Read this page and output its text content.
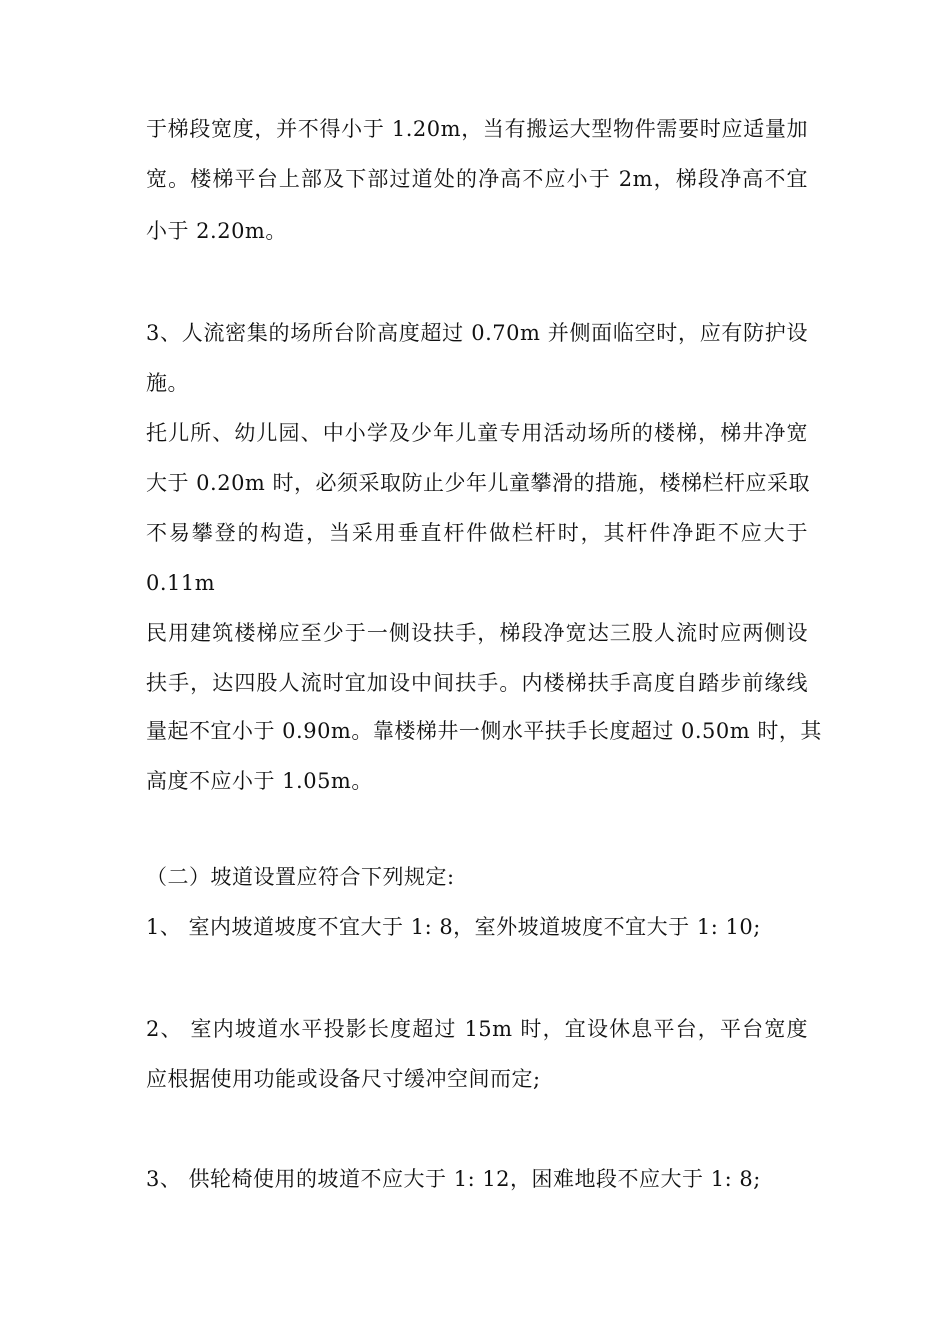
于梯段宽度，并不得小于 1.20m，当有搬运大型物件需要时应适量加
宽。楼梯平台上部及下部过道处的净高不应小于 2m，梯段净高不宜
小于 2.20m。
3、人流密集的场所台阶高度超过 0.70m 并侧面临空时，应有防护设
施。
托儿所、幼儿园、中小学及少年儿童专用活动场所的楼梯，梯井净宽
大于 0.20m 时，必须采取防止少年儿童攀滑的措施，楼梯栏杆应采取
不易攀登的构造，当采用垂直杆件做栏杆时，其杆件净距不应大于
0.11m
民用建筑楼梯应至少于一侧设扶手，梯段净宽达三股人流时应两侧设
扶手，达四股人流时宜加设中间扶手。内楼梯扶手高度自踏步前缘线
量起不宜小于 0.90m。靠楼梯井一侧水平扶手长度超过 0.50m 时，其
高度不应小于 1.05m。
（二）坡道设置应符合下列规定:
1、 室内坡道坡度不宜大于 1: 8，室外坡道坡度不宜大于 1: 10;
2、 室内坡道水平投影长度超过 15m 时，宜设休息平台，平台宽度
应根据使用功能或设备尺寸缓冲空间而定;
3、 供轮椅使用的坡道不应大于 1: 12，困难地段不应大于 1: 8;
